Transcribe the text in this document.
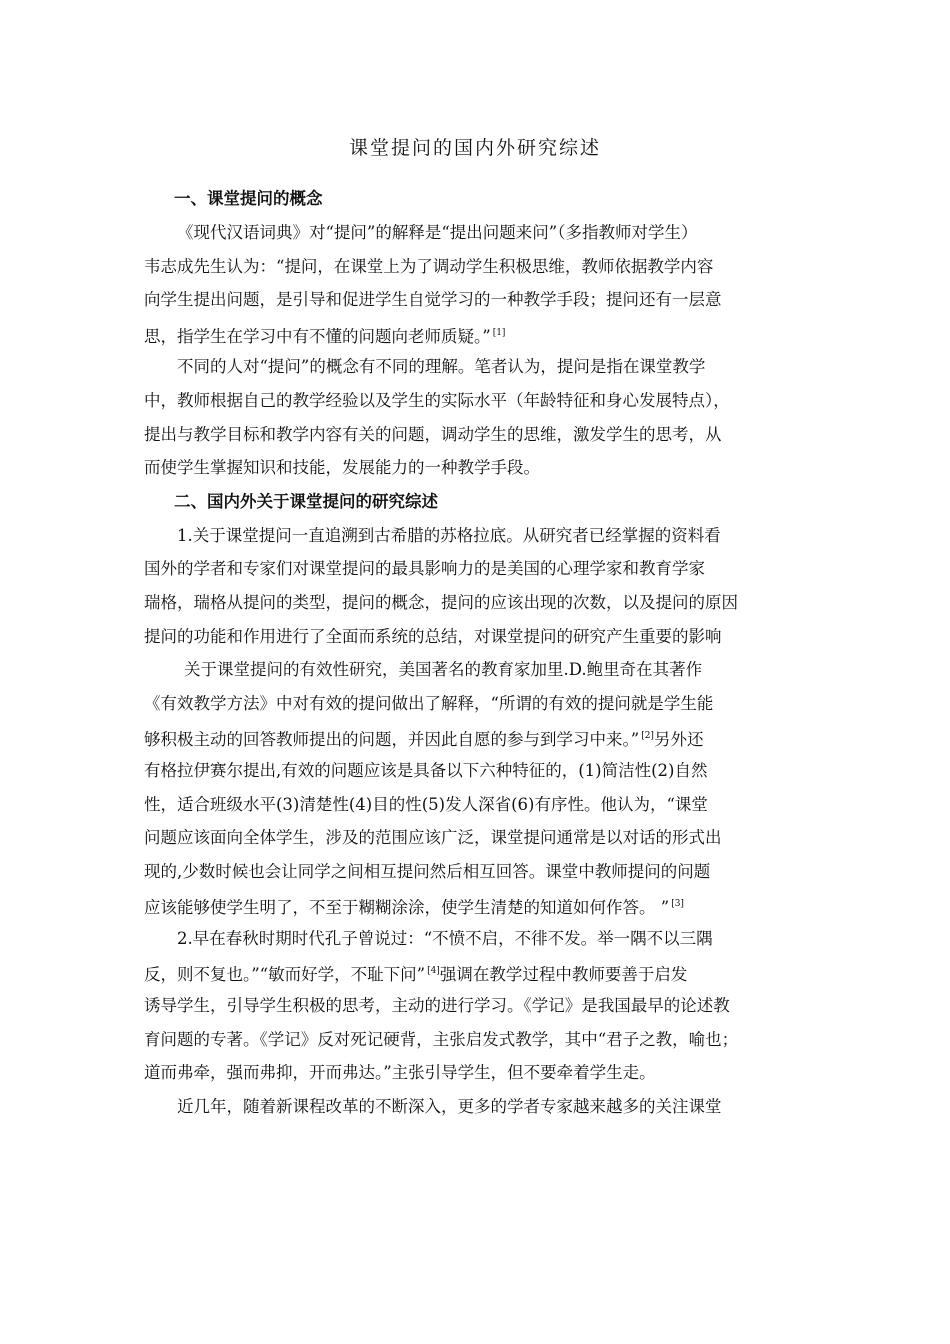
课堂提问的国内外研究综述
一、课堂提问的概念
《现代汉语词典》对“提问”的解释是“提出问题来问”（多指教师对学生）
韦志成先生认为：“提问，在课堂上为了调动学生积极思维，教师依据教学内容
向学生提出问题，是引导和促进学生自觉学习的一种教学手段；提问还有一层意
思，指学生在学习中有不懂的问题向老师质疑。” [1]
不同的人对“提问”的概念有不同的理解。笔者认为，提问是指在课堂教学
中，教师根据自己的教学经验以及学生的实际水平（年龄特征和身心发展特点），
提出与教学目标和教学内容有关的问题，调动学生的思维，激发学生的思考，从
而使学生掌握知识和技能，发展能力的一种教学手段。
二、国内外关于课堂提问的研究综述
1.关于课堂提问一直追溯到古希腊的苏格拉底。从研究者已经掌握的资料看
国外的学者和专家们对课堂提问的最具影响力的是美国的心理学家和教育学家
瑞格，瑞格从提问的类型，提问的概念，提问的应该出现的次数，以及提问的原因
提问的功能和作用进行了全面而系统的总结，对课堂提问的研究产生重要的影响
关于课堂提问的有效性研究，美国著名的教育家加里.D.鲍里奇在其著作
《有效教学方法》中对有效的提问做出了解释，“所谓的有效的提问就是学生能
够积极主动的回答教师提出的问题，并因此自愿的参与到学习中来。” [2]另外还
有格拉伊赛尔提出,有效的问题应该是具备以下六种特征的，(1)简洁性(2)自然
性，适合班级水平(3)清楚性(4)目的性(5)发人深省(6)有序性。他认为，“课堂
问题应该面向全体学生，涉及的范围应该广泛，课堂提问通常是以对话的形式出
现的,少数时候也会让同学之间相互提问然后相互回答。课堂中教师提问的问题
应该能够使学生明了，不至于糊糊涂涂，使学生清楚的知道如何作答。 ” [3]
2.早在春秋时期时代孔子曾说过：“不愤不启，不徘不发。举一隅不以三隅
反，则不复也。”“敏而好学，不耻下问” [4]强调在教学过程中教师要善于启发
诱导学生，引导学生积极的思考，主动的进行学习。《学记》是我国最早的论述教
育问题的专著。《学记》反对死记硬背，主张启发式教学，其中“君子之教，喻也；
道而弗牵，强而弗抑，开而弗达。”主张引导学生，但不要牵着学生走。
近几年，随着新课程改革的不断深入，更多的学者专家越来越多的关注课堂
